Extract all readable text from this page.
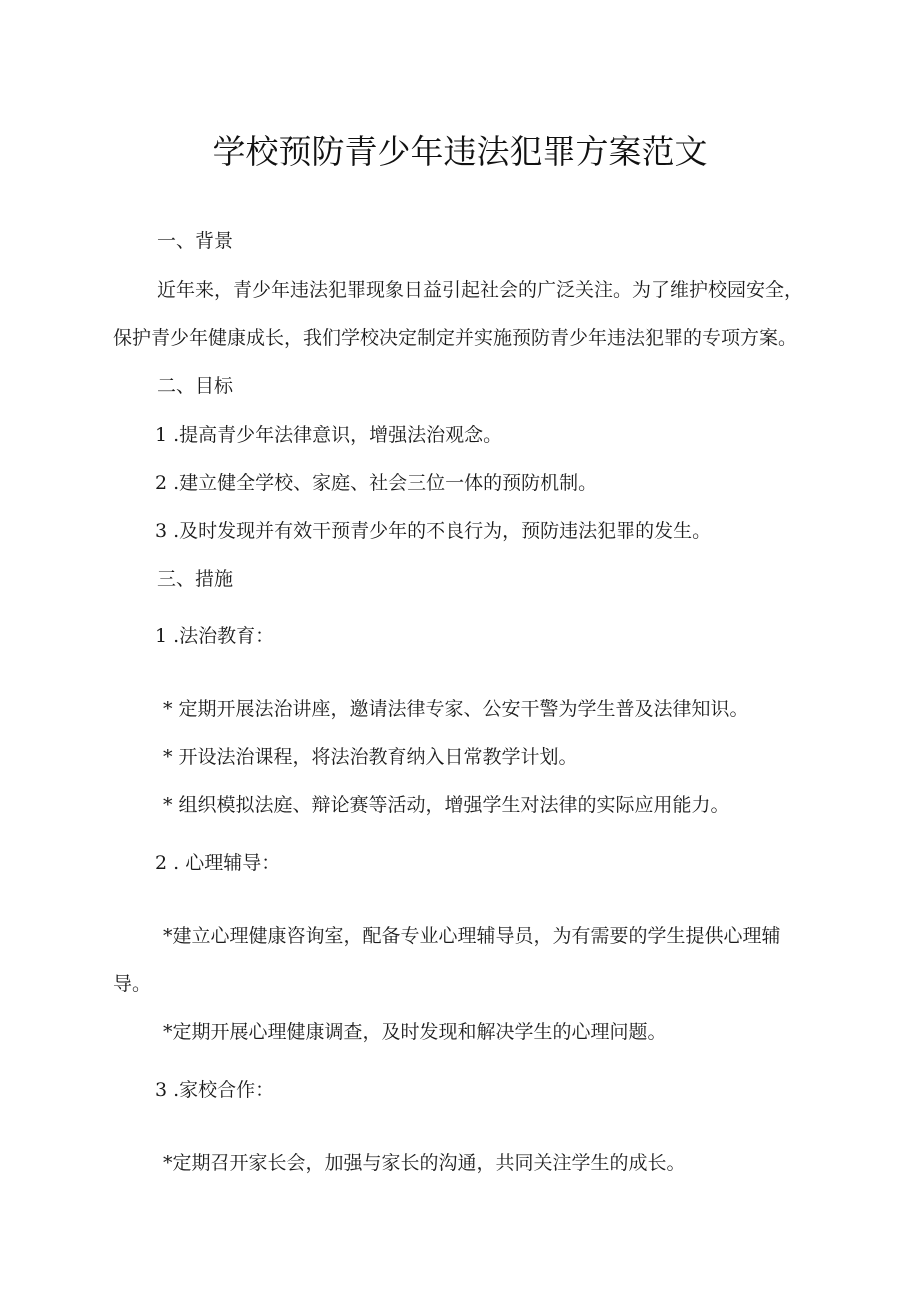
学校预防青少年违法犯罪方案范文

一、背景

近年来，青少年违法犯罪现象日益引起社会的广泛关注。为了维护校园安全，

保护青少年健康成长，我们学校决定制定并实施预防青少年违法犯罪的专项方案。

二、目标

1 .提高青少年法律意识，增强法治观念。

2 .建立健全学校、家庭、社会三位一体的预防机制。

3 .及时发现并有效干预青少年的不良行为，预防违法犯罪的发生。

三、措施

1 .法治教育：

* 定期开展法治讲座，邀请法律专家、公安干警为学生普及法律知识。

* 开设法治课程，将法治教育纳入日常教学计划。

* 组织模拟法庭、辩论赛等活动，增强学生对法律的实际应用能力。

2 . 心理辅导：

*建立心理健康咨询室，配备专业心理辅导员，为有需要的学生提供心理辅

导。

*定期开展心理健康调查，及时发现和解决学生的心理问题。

3 .家校合作：

*定期召开家长会，加强与家长的沟通，共同关注学生的成长。
